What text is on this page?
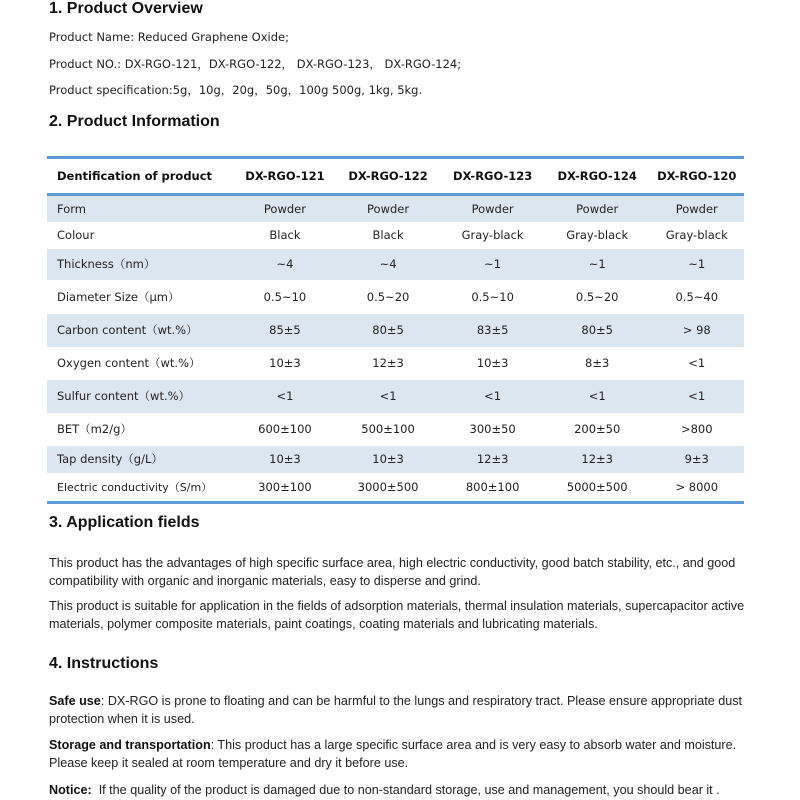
1. Product Overview

Product Name: Reduced Graphene Oxide;

Product NO.: DX-RGO-121，DX-RGO-122， DX-RGO-123， DX-RGO-124;

Product specification:5g，10g，20g，50g，100g 500g, 1kg, 5kg.

2. Product Information
Dentification of product	DX-RGO-121	DX-RGO-122	DX-RGO-123	DX-RGO-124	DX-RGO-120
Form	Powder	Powder	Powder	Powder	Powder
Colour	Black	Black	Gray-black	Gray-black	Gray-black
Thickness（nm）	~4	~4	~1	~1	~1
Diameter Size（μm）	0.5~10	0.5~20	0.5~10	0.5~20	0.5~40
Carbon content（wt.%）	85±5	80±5	83±5	80±5	> 98
Oxygen content（wt.%）	10±3	12±3	10±3	8±3	<1
Sulfur content（wt.%）	<1	<1	<1	<1	<1
BET（m2/g）	600±100	500±100	300±50	200±50	>800
Tap density（g/L）	10±3	10±3	12±3	12±3	9±3
Electric conductivity（S/m）	300±100	3000±500	800±100	5000±500	> 8000
3. Application fields

This product has the advantages of high specific surface area, high electric conductivity, good batch stability, etc., and good compatibility with organic and inorganic materials, easy to disperse and grind.

This product is suitable for application in the fields of adsorption materials, thermal insulation materials, supercapacitor active materials, polymer composite materials, paint coatings, coating materials and lubricating materials.

4. Instructions

Safe use: DX-RGO is prone to floating and can be harmful to the lungs and respiratory tract. Please ensure appropriate dust protection when it is used.

Storage and transportation: This product has a large specific surface area and is very easy to absorb water and moisture. Please keep it sealed at room temperature and dry it before use.

Notice: If the quality of the product is damaged due to non-standard storage, use and management, you should bear it .
